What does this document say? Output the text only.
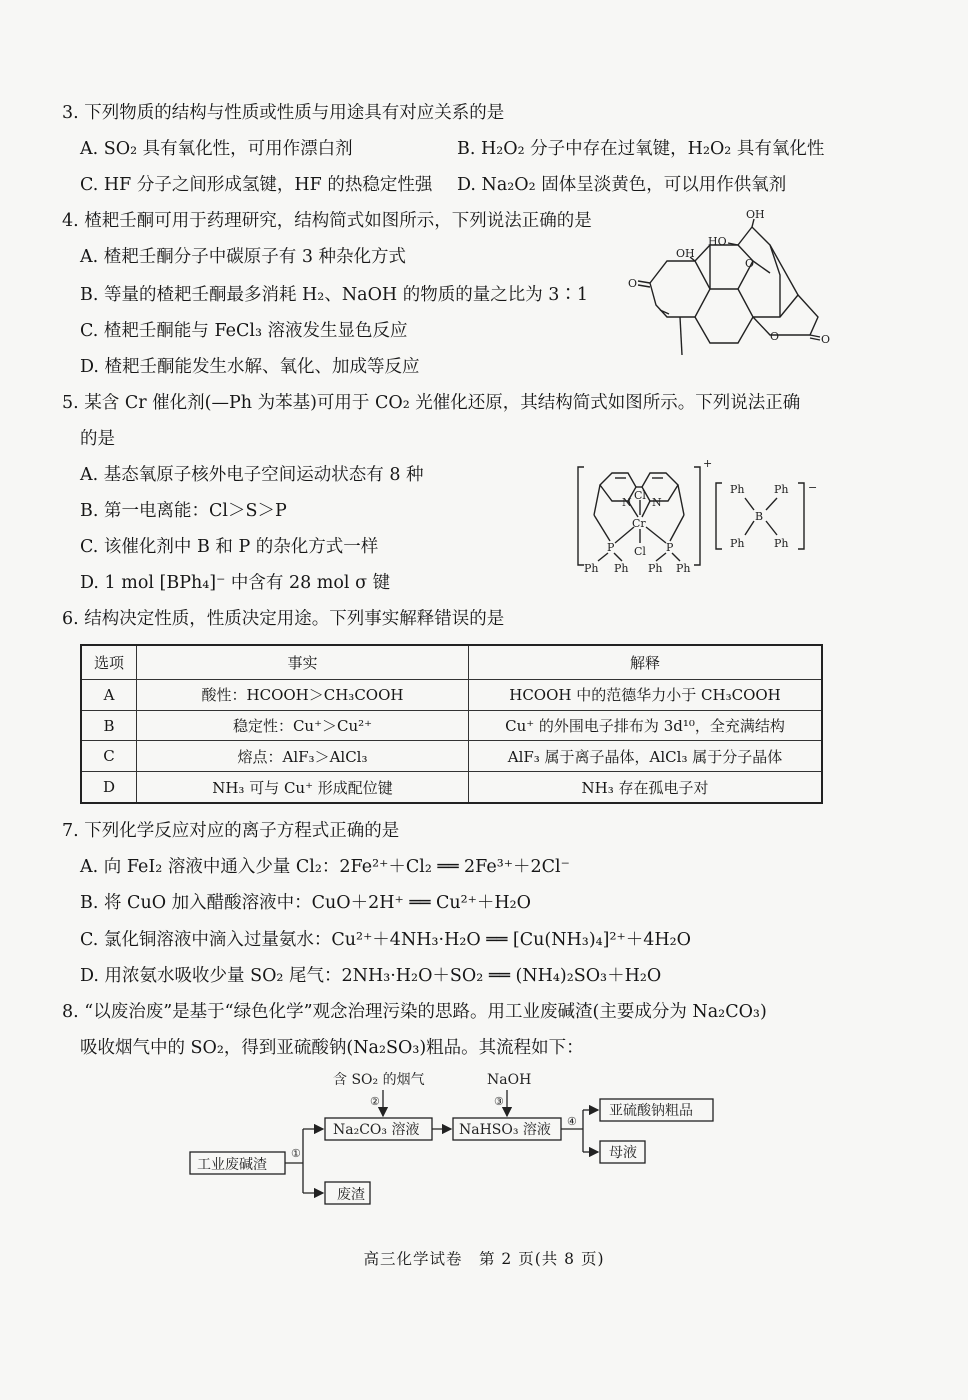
3. 下列物质的结构与性质或性质与用途具有对应关系的是
A. SO₂ 具有氧化性，可用作漂白剂	B. H₂O₂ 分子中存在过氧键，H₂O₂ 具有氧化性
C. HF 分子之间形成氢键，HF 的热稳定性强 D. Na₂O₂ 固体呈淡黄色，可以用作供氧剂
4. 楂耙壬酮可用于药理研究，结构简式如图所示，下列说法正确的是
A. 楂耙壬酮分子中碳原子有 3 种杂化方式
B. 等量的楂耙壬酮最多消耗 H₂、NaOH 的物质的量之比为 3∶1
C. 楂耙壬酮能与 FeCl₃ 溶液发生显色反应
D. 楂耙壬酮能发生水解、氧化、加成等反应
OH
HO
OH
O
O
O
O
5. 某含 Cr 催化剂(—Ph 为苯基)可用于 CO₂ 光催化还原，其结构简式如图所示。下列说法正确
的是
A. 基态氧原子核外电子空间运动状态有 8 种
B. 第一电离能：Cl＞S＞P
C. 该催化剂中 B 和 P 的杂化方式一样
D. 1 mol [BPh₄]⁻ 中含有 28 mol σ 键
N N
Cl
Cr
Cl
P	P
Ph Ph Ph Ph
+
Ph	Ph
B
Ph	Ph
−
6. 结构决定性质，性质决定用途。下列事实解释错误的是
选项	事实	解释
A	酸性：HCOOH＞CH₃COOH	HCOOH 中的范德华力小于 CH₃COOH
B	稳定性：Cu⁺＞Cu²⁺	Cu⁺ 的外围电子排布为 3d¹⁰，全充满结构
C	熔点：AlF₃＞AlCl₃	AlF₃ 属于离子晶体，AlCl₃ 属于分子晶体
D	NH₃ 可与 Cu⁺ 形成配位键	NH₃ 存在孤电子对
7. 下列化学反应对应的离子方程式正确的是
A. 向 FeI₂ 溶液中通入少量 Cl₂：2Fe²⁺＋Cl₂ ══ 2Fe³⁺＋2Cl⁻
B. 将 CuO 加入醋酸溶液中：CuO＋2H⁺ ══ Cu²⁺＋H₂O
C. 氯化铜溶液中滴入过量氨水：Cu²⁺＋4NH₃·H₂O ══ [Cu(NH₃)₄]²⁺＋4H₂O
D. 用浓氨水吸收少量 SO₂ 尾气：2NH₃·H₂O＋SO₂ ══ (NH₄)₂SO₃＋H₂O
8. “以废治废”是基于“绿色化学”观念治理污染的思路。用工业废碱渣(主要成分为 Na₂CO₃)
吸收烟气中的 SO₂，得到亚硫酸钠(Na₂SO₃)粗品。其流程如下：
工业废碱渣
①
Na₂CO₃ 溶液
废渣
含 SO₂ 的烟气
②
NaHSO₃ 溶液
NaOH
③
④
亚硫酸钠粗品
母液
高三化学试卷　第 2 页(共 8 页)
